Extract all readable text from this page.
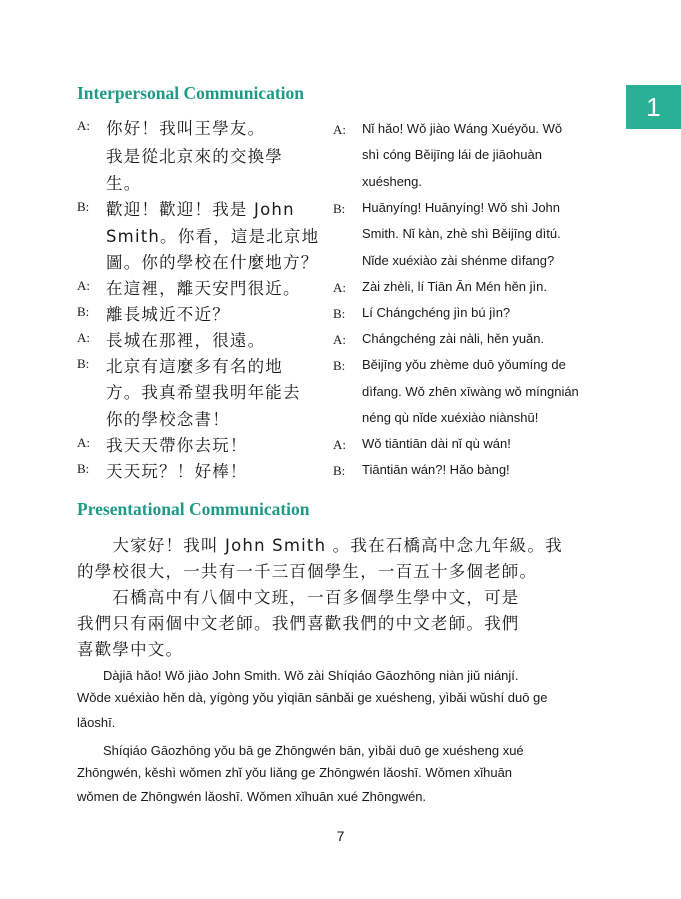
Interpersonal Communication	1
A: 你好！我叫王學友。
我是從北京來的交換學
生。
B: 歡迎！歡迎！我是 John
Smith。你看，這是北京地
圖。你的學校在什麼地方？
A: 在這裡，離天安門很近。
B: 離長城近不近？
A: 長城在那裡，很遠。
B: 北京有這麼多有名的地
方。我真希望我明年能去
你的學校念書！
A: 我天天帶你去玩！
B: 天天玩？！好棒！
A: Nǐ hǎo! Wǒ jiào Wáng Xuéyǒu. Wǒ
shì cóng Běijīng lái de jiāohuàn
xuésheng.
B: Huānyíng! Huānyíng! Wǒ shì John
Smith. Nǐ kàn, zhè shì Běijīng dìtú.
Nǐde xuéxiào zài shénme dìfang?
A: Zài zhèli, lí Tiān Ān Mén hěn jìn.
B: Lí Chángchéng jìn bú jìn?
A: Chángchéng zài nàli, hěn yuǎn.
B: Běijīng yǒu zhème duō yǒumíng de
dìfang. Wǒ zhēn xīwàng wǒ míngnián
néng qù nǐde xuéxiào niànshū!
A: Wǒ tiāntiān dài nǐ qù wán!
B: Tiāntiān wán?! Hǎo bàng!
Presentational Communication
　　大家好！我叫 John Smith 。我在石橋高中念九年級。我
的學校很大，一共有一千三百個學生，一百五十多個老師。
　　石橋高中有八個中文班，一百多個學生學中文，可是
我們只有兩個中文老師。我們喜歡我們的中文老師。我們
喜歡學中文。
　　Dàjiā hǎo! Wǒ jiào John Smith. Wǒ zài Shíqiáo Gāozhōng niàn jiǔ niánjí.
Wǒde xuéxiào hěn dà, yígòng yǒu yìqiān sānbǎi ge xuésheng, yìbǎi wǔshí duō ge
lǎoshī.
　　Shíqiáo Gāozhōng yǒu bā ge Zhōngwén bān, yìbǎi duō ge xuésheng xué
Zhōngwén, kěshì wǒmen zhǐ yǒu liǎng ge Zhōngwén lǎoshī. Wǒmen xǐhuān
wǒmen de Zhōngwén lǎoshī. Wǒmen xǐhuān xué Zhōngwén.
7
